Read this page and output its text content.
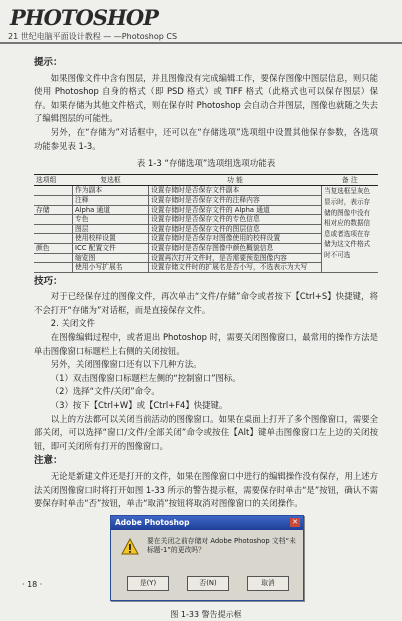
PHOTOSHOP
21 世纪电脑平面设计教程 — —Photoshop CS
提示：

如果图像文件中含有图层，并且图像没有完成编辑工作，要保存图像中图层信息，则只能使用 Photoshop 自身的格式（即 PSD 格式）或 TIFF 格式（此格式也可以保存图层）保存。如果存储为其他文件格式，则在保存时 Photoshop 会自动合并图层，图像也就随之失去了编辑图层的可能性。

另外，在“存储为”对话框中，还可以在“存储选项”选项组中设置其他保存参数，各选项功能参见表 1-3。

表 1-3 “存储选项”选项组选项功能表
选项组	复选框	功 能	备 注
	作为副本	设置存储时是否保存文件副本	当复选框呈灰色显示时，表示存储的图像中没有相对应的数据信息或者选项在存储为这文件格式时不可选
	注释	设置存储时是否保存文件的注释内容	
存储	Alpha 通道	设置存储时是否保存文件的 Alpha 通道	
	专色	设置存储时是否保存文件的专色信息	
	图层	设置存储时是否保存文件的图层信息	
	使用校样设置	设置存储时是否保存对图像使用的校样设置	
颜色	ICC 配置文件	设置存储时是否保存图像中颜色概貌信息	
	缩览图	设置再次打开文件时，是否需要预览图像内容	
	使用小写扩展名	设置存储文件时的扩展名是否小写，不选表示为大写	
技巧：

对于已经保存过的图像文件，再次单击“文件/存储”命令或者按下【Ctrl+S】快捷键，将不会打开“存储为”对话框，而是直接保存文件。

2. 关闭文件

在图像编辑过程中，或者退出 Photoshop 时，需要关闭图像窗口，最常用的操作方法是单击图像窗口标题栏上右侧的关闭按钮。

另外，关闭图像窗口还有以下几种方法。

（1）双击图像窗口标题栏左侧的“控制窗口”图标。

（2）选择“文件/关闭”命令。

（3）按下【Ctrl+W】或【Ctrl+F4】快捷键。

以上的方法都可以关闭当前活动的图像窗口。如果在桌面上打开了多个图像窗口，需要全部关闭，可以选择“窗口/文件/全部关闭”命令或按住【Alt】键单击图像窗口左上边的关闭按钮，即可关闭所有打开的图像窗口。

注意：

无论是新建文件还是打开的文件，如果在图像窗口中进行的编辑操作没有保存，用上述方法关闭图像窗口时将打开如图 1-33 所示的警告提示框，需要保存时单击“是”按钮，确认不需要保存时单击“否”按钮，单击“取消”按钮将取消对图像窗口的关闭操作。

Adobe Photoshop	✕
要在关闭之前存储对 Adobe Photoshop 文档“未标题-1”的更改吗？
是(Y)	否(N)	取消
图 1-33 警告提示框
· 18 ·
